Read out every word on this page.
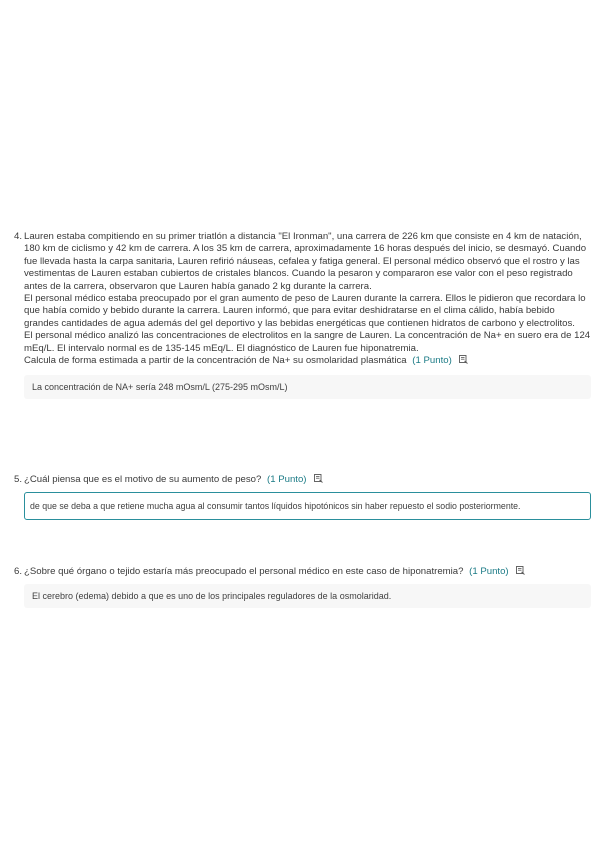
4. Lauren estaba compitiendo en su primer triatlón a distancia "El Ironman", una carrera de 226 km que consiste en 4 km de natación, 180 km de ciclismo y 42 km de carrera. A los 35 km de carrera, aproximadamente 16 horas después del inicio, se desmayó. Cuando fue llevada hasta la carpa sanitaria, Lauren refirió náuseas, cefalea y fatiga general. El personal médico observó que el rostro y las vestimentas de Lauren estaban cubiertos de cristales blancos. Cuando la pesaron y compararon ese valor con el peso registrado antes de la carrera, observaron que Lauren había ganado 2 kg durante la carrera.
El personal médico estaba preocupado por el gran aumento de peso de Lauren durante la carrera. Ellos le pidieron que recordara lo que había comido y bebido durante la carrera. Lauren informó, que para evitar deshidratarse en el clima cálido, había bebido grandes cantidades de agua además del gel deportivo y las bebidas energéticas que contienen hidratos de carbono y electrolitos.
El personal médico analizó las concentraciones de electrolitos en la sangre de Lauren. La concentración de Na+ en suero era de 124 mEq/L. El intervalo normal es de 135-145 mEq/L. El diagnóstico de Lauren fue hiponatremia.
Calcula de forma estimada a partir de la concentración de Na+ su osmolaridad plasmática (1 Punto)
La concentración de NA+ sería 248 mOsm/L (275-295 mOsm/L)
5. ¿Cuál piensa que es el motivo de su aumento de peso? (1 Punto)
de que se deba a que retiene mucha agua al consumir tantos líquidos hipotónicos sin haber repuesto el sodio posteriormente.
6. ¿Sobre qué órgano o tejido estaría más preocupado el personal médico en este caso de hiponatremia? (1 Punto)
El cerebro (edema) debido a que es uno de los principales reguladores de la osmolaridad.
